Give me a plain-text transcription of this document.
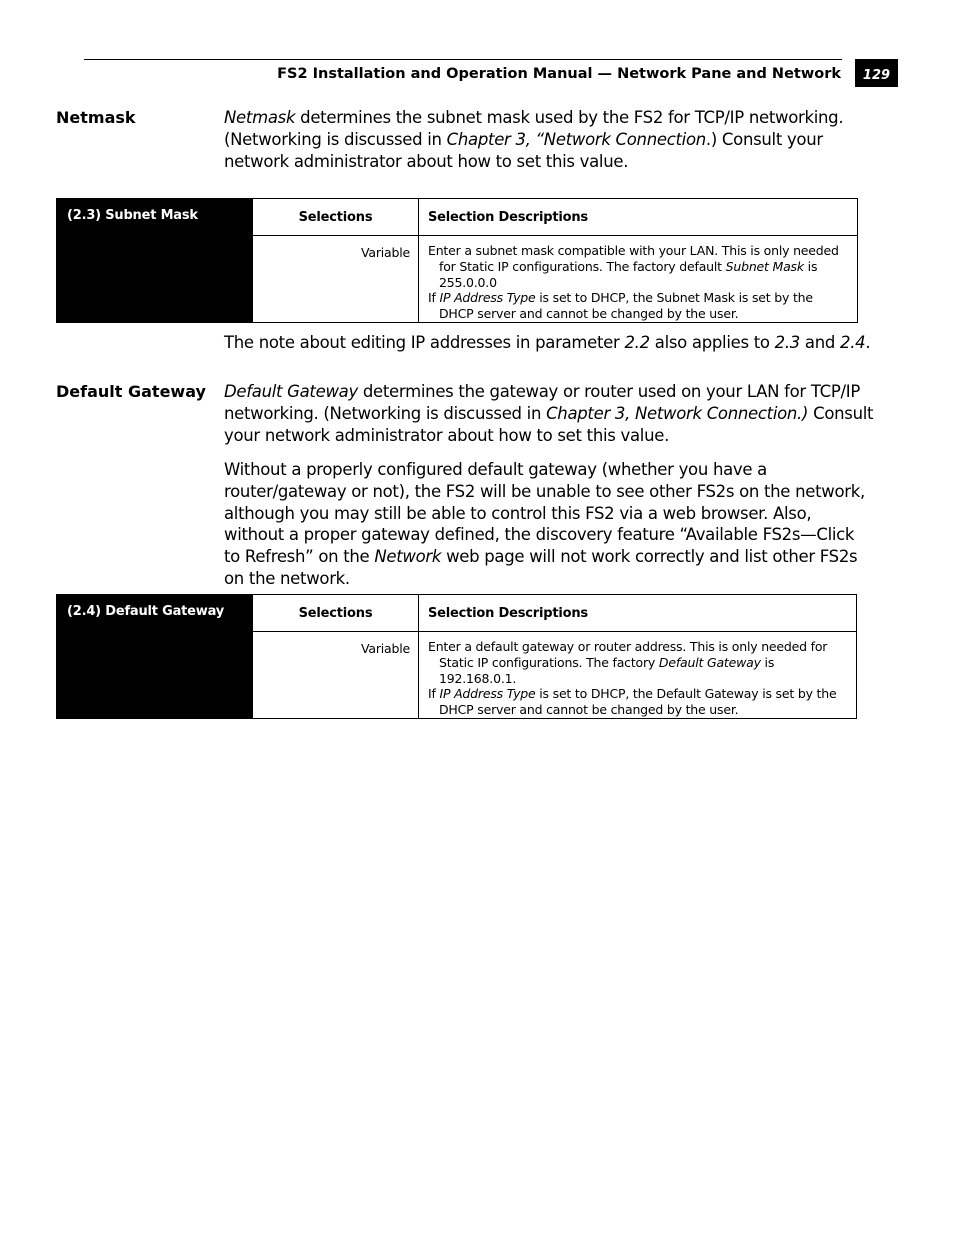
FS2 Installation and Operation Manual — Network Pane and Network	129
Netmask	Netmask determines the subnet mask used by the FS2 for TCP/IP networking. (Networking is discussed in Chapter 3, “Network Connection.) Consult your network administrator about how to set this value.
(2.3) Subnet Mask	Selections	Selection Descriptions
	Variable	Enter a subnet mask compatible with your LAN. This is only needed for Static IP configurations. The factory default Subnet Mask is 255.0.0.0
If IP Address Type is set to DHCP, the Subnet Mask is set by the DHCP server and cannot be changed by the user.
The note about editing IP addresses in parameter 2.2 also applies to 2.3 and 2.4.
Default Gateway Default Gateway determines the gateway or router used on your LAN for TCP/IP networking. (Networking is discussed in Chapter 3, Network Connection.) Consult your network administrator about how to set this value.
Without a properly configured default gateway (whether you have a router/gateway or not), the FS2 will be unable to see other FS2s on the network, although you may still be able to control this FS2 via a web browser. Also, without a proper gateway defined, the discovery feature “Available FS2s—Click to Refresh” on the Network web page will not work correctly and list other FS2s on the network.
(2.4) Default Gateway	Selections	Selection Descriptions
	Variable	Enter a default gateway or router address. This is only needed for Static IP configurations. The factory Default Gateway is 192.168.0.1.
If IP Address Type is set to DHCP, the Default Gateway is set by the DHCP server and cannot be changed by the user.
